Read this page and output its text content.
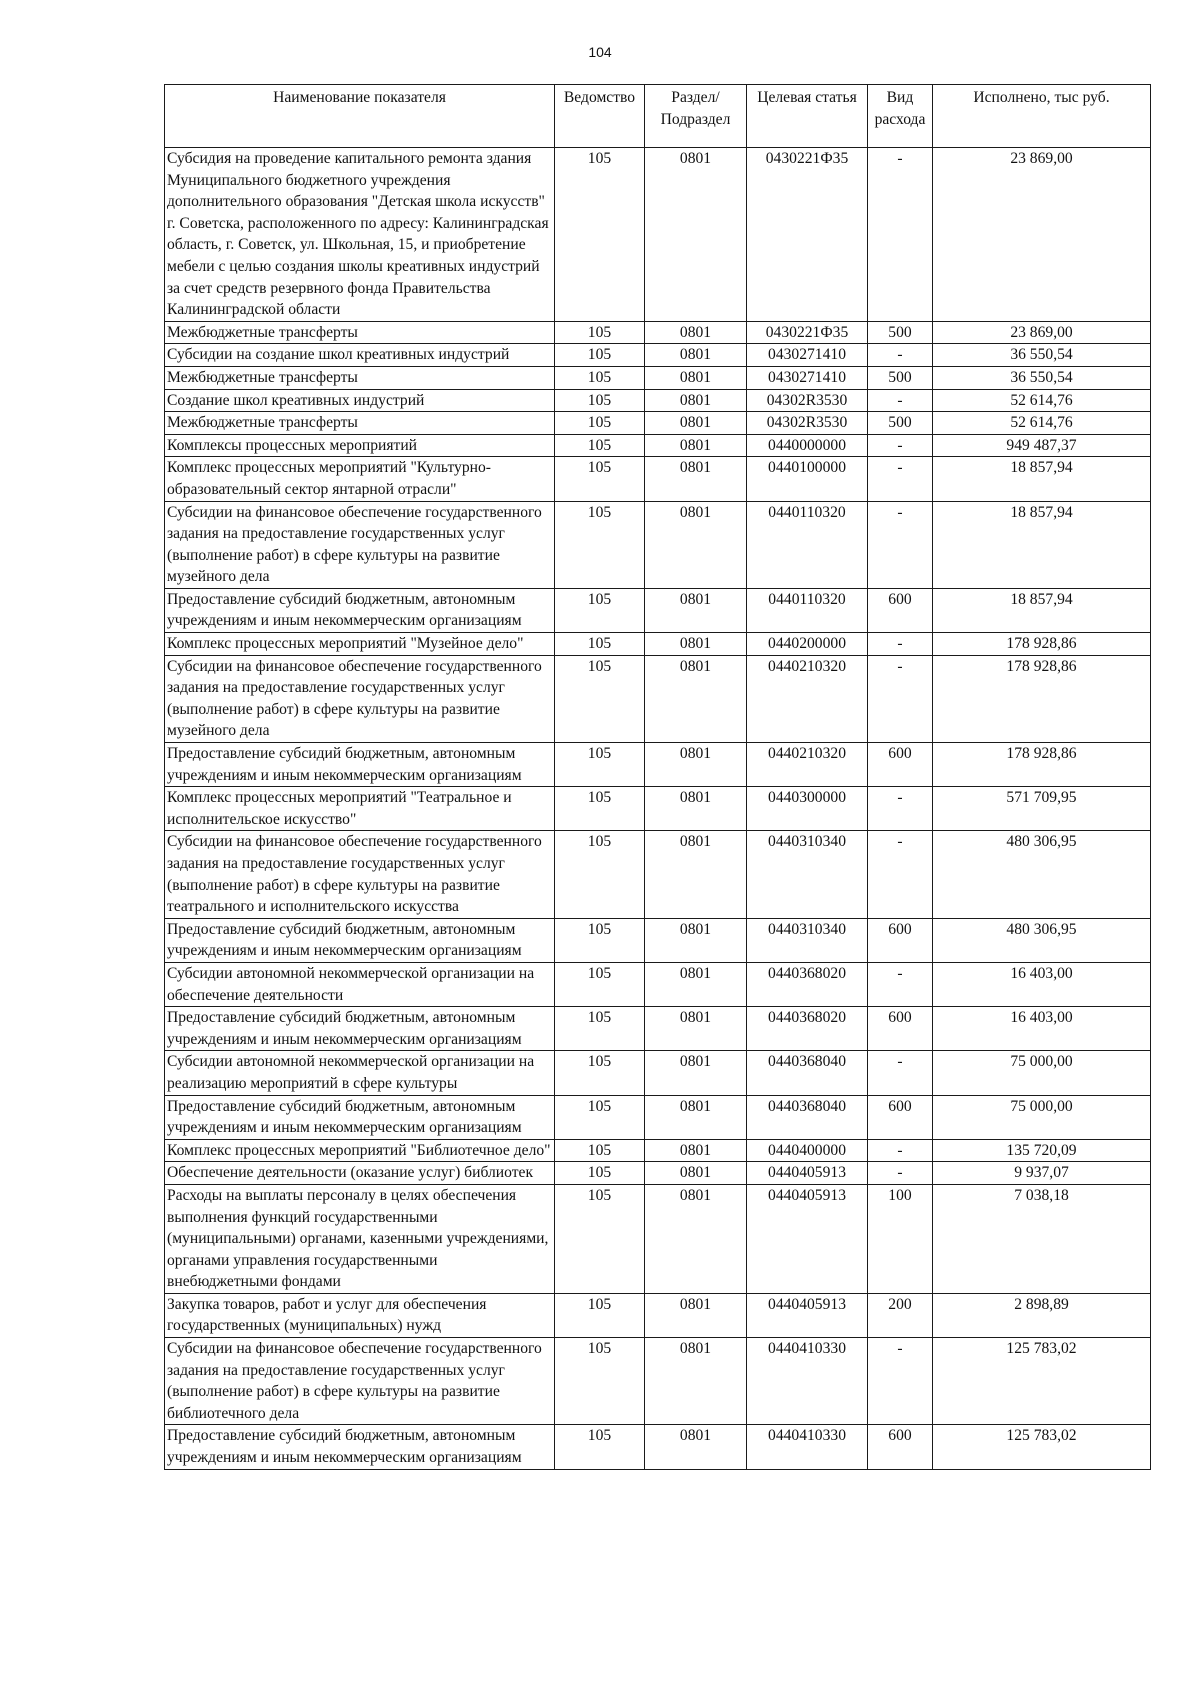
104
Наименование показателя	Ведомство	Раздел/ Подраздел	Целевая статья	Вид расхода	Исполнено, тыс руб.
Субсидия на проведение капитального ремонта здания Муниципального бюджетного учреждения дополнительного образования "Детская школа искусств" г. Советска, расположенного по адресу: Калининградская область, г. Советск, ул. Школьная, 15, и приобретение мебели с целью создания школы креативных индустрий за счет средств резервного фонда Правительства Калининградской области	105	0801	0430221Ф35	-	23 869,00
Межбюджетные трансферты	105	0801	0430221Ф35	500	23 869,00
Субсидии на создание школ креативных индустрий	105	0801	0430271410	-	36 550,54
Межбюджетные трансферты	105	0801	0430271410	500	36 550,54
Создание школ креативных индустрий	105	0801	04302R3530	-	52 614,76
Межбюджетные трансферты	105	0801	04302R3530	500	52 614,76
Комплексы процессных мероприятий	105	0801	0440000000	-	949 487,37
Комплекс процессных мероприятий "Культурно-образовательный сектор янтарной отрасли"	105	0801	0440100000	-	18 857,94
Субсидии на финансовое обеспечение государственного задания на предоставление государственных услуг (выполнение работ) в сфере культуры на развитие музейного дела	105	0801	0440110320	-	18 857,94
Предоставление субсидий бюджетным, автономным учреждениям и иным некоммерческим организациям	105	0801	0440110320	600	18 857,94
Комплекс процессных мероприятий "Музейное дело"	105	0801	0440200000	-	178 928,86
Субсидии на финансовое обеспечение государственного задания на предоставление государственных услуг (выполнение работ) в сфере культуры на развитие музейного дела	105	0801	0440210320	-	178 928,86
Предоставление субсидий бюджетным, автономным учреждениям и иным некоммерческим организациям	105	0801	0440210320	600	178 928,86
Комплекс процессных мероприятий "Театральное и исполнительское искусство"	105	0801	0440300000	-	571 709,95
Субсидии на финансовое обеспечение государственного задания на предоставление государственных услуг (выполнение работ) в сфере культуры на развитие театрального и исполнительского искусства	105	0801	0440310340	-	480 306,95
Предоставление субсидий бюджетным, автономным учреждениям и иным некоммерческим организациям	105	0801	0440310340	600	480 306,95
Субсидии автономной некоммерческой организации на обеспечение деятельности	105	0801	0440368020	-	16 403,00
Предоставление субсидий бюджетным, автономным учреждениям и иным некоммерческим организациям	105	0801	0440368020	600	16 403,00
Субсидии автономной некоммерческой организации на реализацию мероприятий в сфере культуры	105	0801	0440368040	-	75 000,00
Предоставление субсидий бюджетным, автономным учреждениям и иным некоммерческим организациям	105	0801	0440368040	600	75 000,00
Комплекс процессных мероприятий "Библиотечное дело"	105	0801	0440400000	-	135 720,09
Обеспечение деятельности (оказание услуг) библиотек	105	0801	0440405913	-	9 937,07
Расходы на выплаты персоналу в целях обеспечения выполнения функций государственными (муниципальными) органами, казенными учреждениями, органами управления государственными внебюджетными фондами	105	0801	0440405913	100	7 038,18
Закупка товаров, работ и услуг для обеспечения государственных (муниципальных) нужд	105	0801	0440405913	200	2 898,89
Субсидии на финансовое обеспечение государственного задания на предоставление государственных услуг (выполнение работ) в сфере культуры на развитие библиотечного дела	105	0801	0440410330	-	125 783,02
Предоставление субсидий бюджетным, автономным учреждениям и иным некоммерческим организациям	105	0801	0440410330	600	125 783,02
